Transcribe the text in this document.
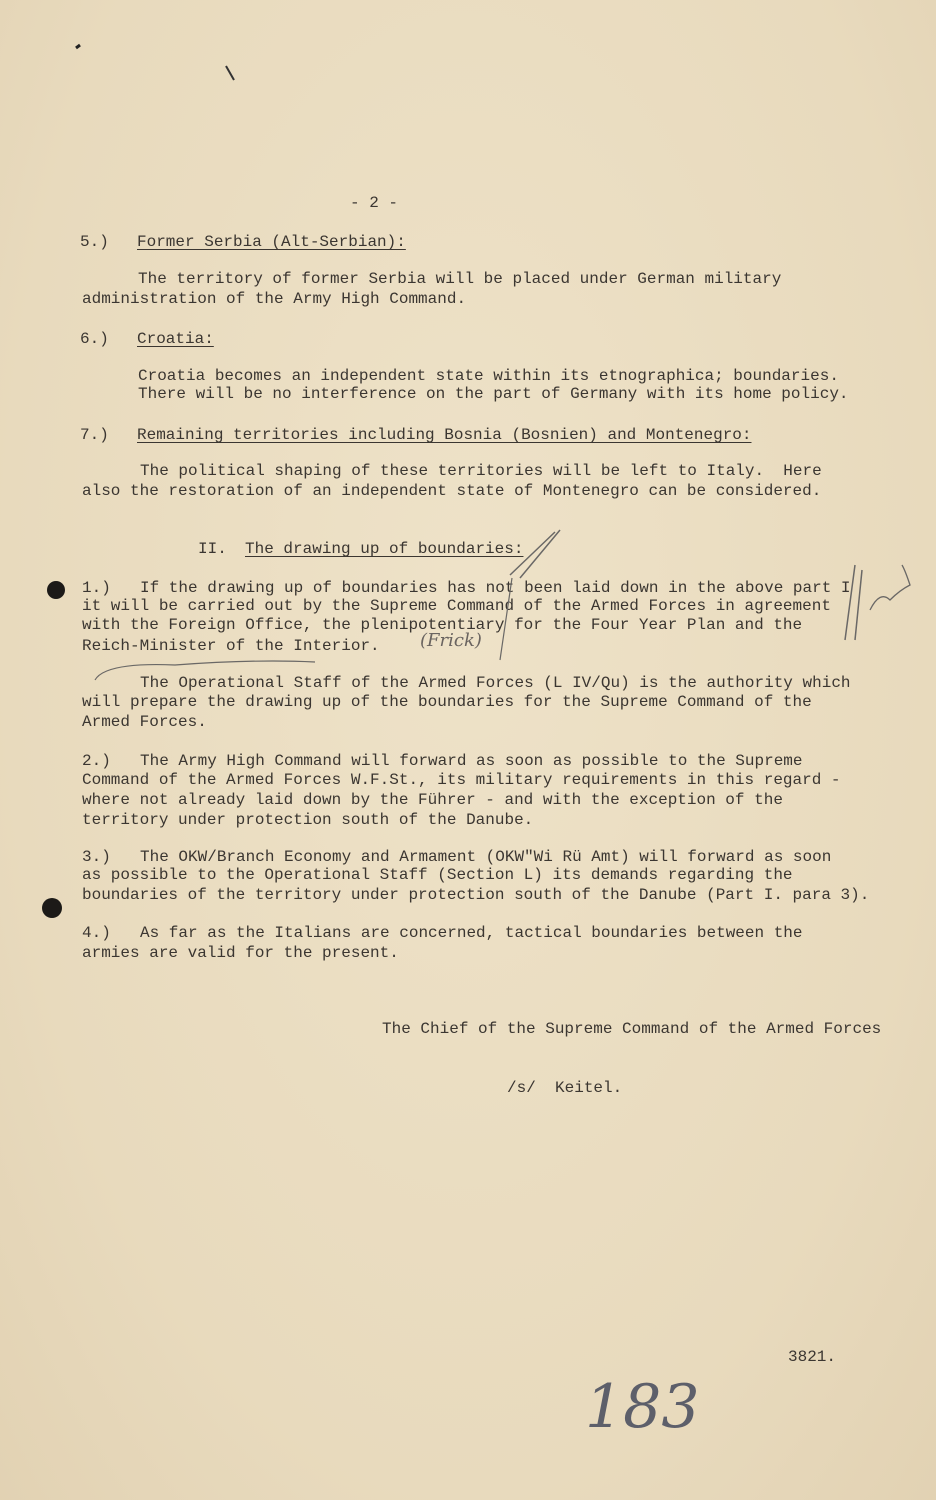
- 2 -
5.) Former Serbia (Alt-Serbian):
The territory of former Serbia will be placed under German military
administration of the Army High Command.
6.) Croatia:
Croatia becomes an independent state within its etnographica; boundaries.
There will be no interference on the part of Germany with its home policy.
7.) Remaining territories including Bosnia (Bosnien) and Montenegro:
The political shaping of these territories will be left to Italy.  Here
also the restoration of an independent state of Montenegro can be considered.
II. The drawing up of boundaries:
1.) If the drawing up of boundaries has not been laid down in the above part I
it will be carried out by the Supreme Command of the Armed Forces in agreement
with the Foreign Office, the plenipotentiary for the Four Year Plan and the
Reich-Minister of the Interior.
The Operational Staff of the Armed Forces (L IV/Qu) is the authority which
will prepare the drawing up of the boundaries for the Supreme Command of the
Armed Forces.
2.) The Army High Command will forward as soon as possible to the Supreme
Command of the Armed Forces W.F.St., its military requirements in this regard -
where not already laid down by the Führer - and with the exception of the
territory under protection south of the Danube.
3.) The OKW/Branch Economy and Armament (OKW"Wi Rü Amt) will forward as soon
as possible to the Operational Staff (Section L) its demands regarding the
boundaries of the territory under protection south of the Danube (Part I. para 3).
4.) As far as the Italians are concerned, tactical boundaries between the
armies are valid for the present.
The Chief of the Supreme Command of the Armed Forces
/s/  Keitel.
3821.
(Frick)
183
